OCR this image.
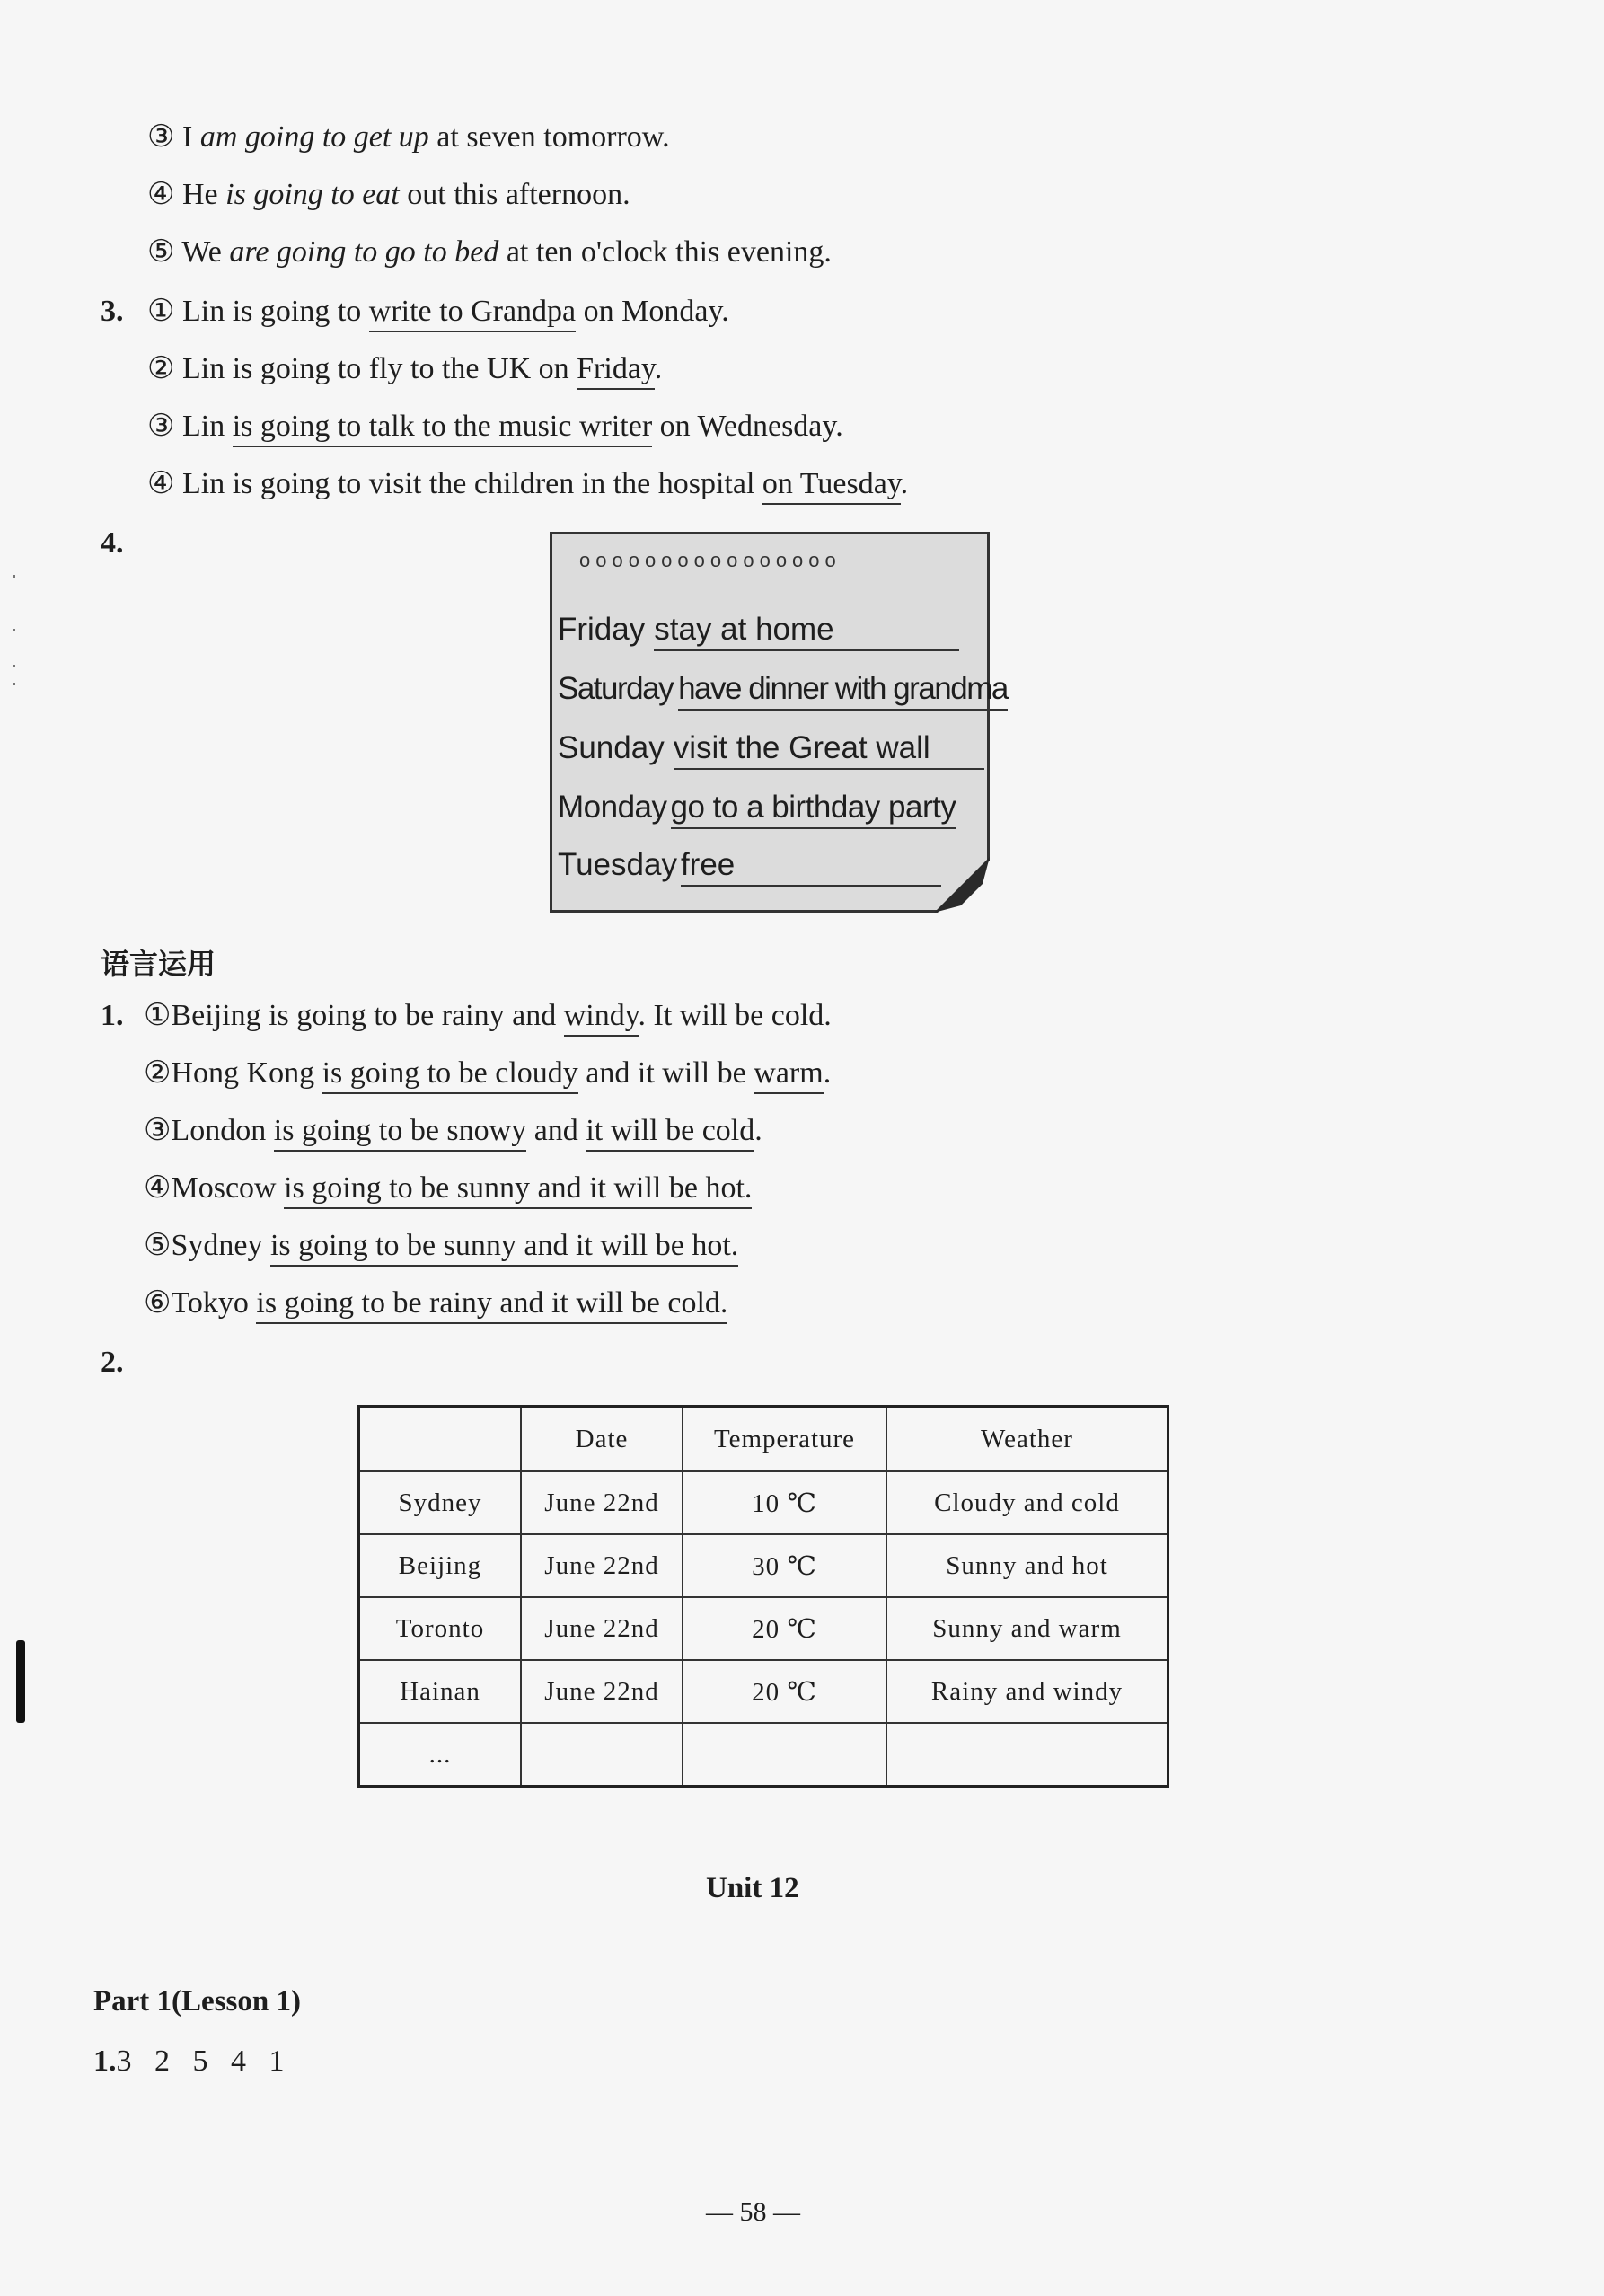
③ I am going to get up at seven tomorrow.
④ He is going to eat out this afternoon.
⑤ We are going to go to bed at ten o'clock this evening.
3. ① Lin is going to write to Grandpa on Monday.
② Lin is going to fly to the UK on Friday.
③ Lin is going to talk to the music writer on Wednesday.
④ Lin is going to visit the children in the hospital on Tuesday.
4.
oooooooooooooooo
Friday stay at home
Saturday have dinner with grandma
Sunday visit the Great wall
Monday go to a birthday party
Tuesday free
语言运用
1. ①Beijing is going to be rainy and windy. It will be cold.
②Hong Kong is going to be cloudy and it will be warm.
③London is going to be snowy and it will be cold.
④Moscow is going to be sunny and it will be hot.
⑤Sydney is going to be sunny and it will be hot.
⑥Tokyo is going to be rainy and it will be cold.
2.
	Date	Temperature	Weather
Sydney	June 22nd	10 ℃	Cloudy and cold
Beijing	June 22nd	30 ℃	Sunny and hot
Toronto	June 22nd	20 ℃	Sunny and warm
Hainan	June 22nd	20 ℃	Rainy and windy
...			
Unit 12
Part 1(Lesson 1)
1.3   2   5   4   1
— 58 —
